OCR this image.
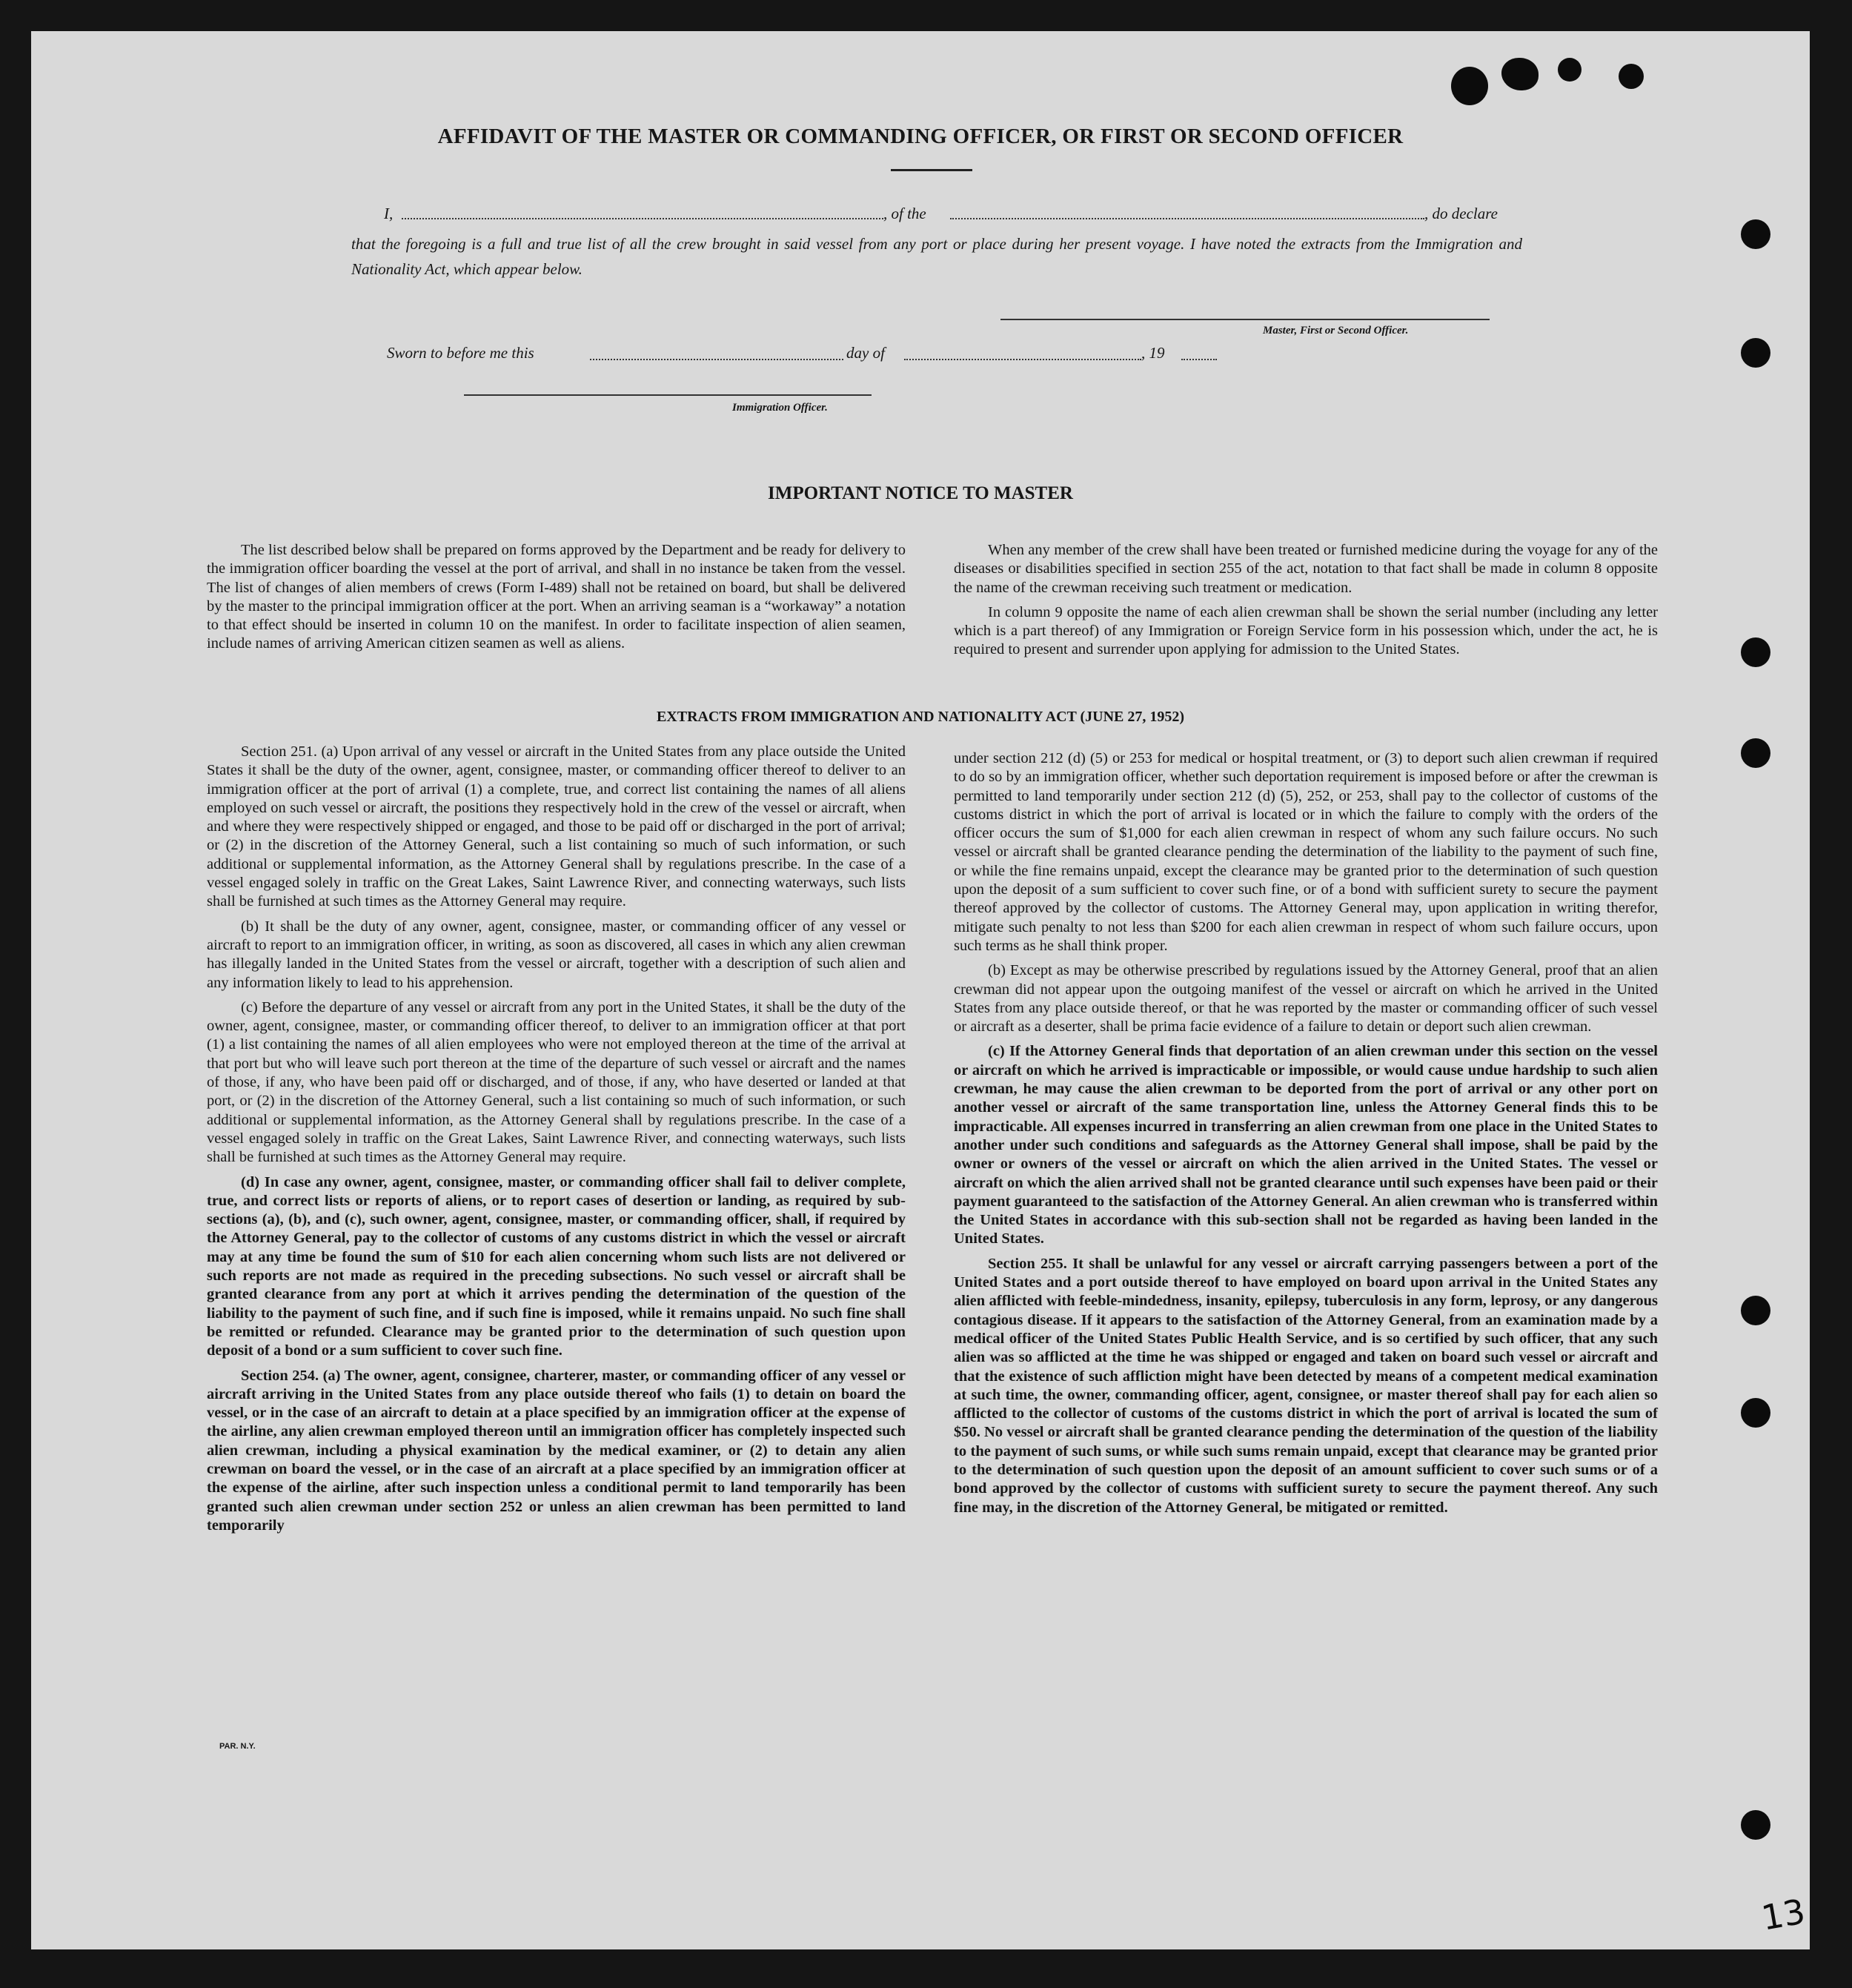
AFFIDAVIT OF THE MASTER OR COMMANDING OFFICER, OR FIRST OR SECOND OFFICER
I,	, of the	, do declare
that the foregoing is a full and true list of all the crew brought in said vessel from any port or place during her present voyage. I have noted the extracts from the Immigration and Nationality Act, which appear below.
Master, First or Second Officer.
Sworn to before me this	day of	, 19
Immigration Officer.
IMPORTANT NOTICE TO MASTER

The list described below shall be prepared on forms approved by the Department and be ready for delivery to the immigration officer boarding the vessel at the port of arrival, and shall in no instance be taken from the vessel. The list of changes of alien members of crews (Form I-489) shall not be retained on board, but shall be delivered by the master to the principal immigration officer at the port. When an arriving seaman is a “workaway” a notation to that effect should be inserted in column 10 on the manifest. In order to facilitate inspection of alien seamen, include names of arriving American citizen seamen as well as aliens.

When any member of the crew shall have been treated or furnished medicine during the voyage for any of the diseases or disabilities specified in section 255 of the act, notation to that fact shall be made in column 8 opposite the name of the crewman receiving such treatment or medication.

In column 9 opposite the name of each alien crewman shall be shown the serial number (including any letter which is a part thereof) of any Immigration or Foreign Service form in his possession which, under the act, he is required to present and surrender upon applying for admission to the United States.

EXTRACTS FROM IMMIGRATION AND NATIONALITY ACT (JUNE 27, 1952)

Section 251. (a) Upon arrival of any vessel or aircraft in the United States from any place outside the United States it shall be the duty of the owner, agent, consignee, master, or commanding officer thereof to deliver to an immigration officer at the port of arrival (1) a complete, true, and correct list containing the names of all aliens employed on such vessel or aircraft, the positions they respectively hold in the crew of the vessel or aircraft, when and where they were respectively shipped or engaged, and those to be paid off or discharged in the port of arrival; or (2) in the discretion of the Attorney General, such a list containing so much of such information, or such additional or supplemental information, as the Attorney General shall by regulations prescribe. In the case of a vessel engaged solely in traffic on the Great Lakes, Saint Lawrence River, and connecting waterways, such lists shall be furnished at such times as the Attorney General may require.

(b) It shall be the duty of any owner, agent, consignee, master, or commanding officer of any vessel or aircraft to report to an immigration officer, in writing, as soon as discovered, all cases in which any alien crewman has illegally landed in the United States from the vessel or aircraft, together with a description of such alien and any information likely to lead to his apprehension.

(c) Before the departure of any vessel or aircraft from any port in the United States, it shall be the duty of the owner, agent, consignee, master, or commanding officer thereof, to deliver to an immigration officer at that port (1) a list containing the names of all alien employees who were not employed thereon at the time of the arrival at that port but who will leave such port thereon at the time of the departure of such vessel or aircraft and the names of those, if any, who have been paid off or discharged, and of those, if any, who have deserted or landed at that port, or (2) in the discretion of the Attorney General, such a list containing so much of such information, or such additional or supplemental information, as the Attorney General shall by regulations prescribe. In the case of a vessel engaged solely in traffic on the Great Lakes, Saint Lawrence River, and connecting waterways, such lists shall be furnished at such times as the Attorney General may require.

(d) In case any owner, agent, consignee, master, or commanding officer shall fail to deliver complete, true, and correct lists or reports of aliens, or to report cases of desertion or landing, as required by sub-sections (a), (b), and (c), such owner, agent, consignee, master, or commanding officer, shall, if required by the Attorney General, pay to the collector of customs of any customs district in which the vessel or aircraft may at any time be found the sum of $10 for each alien concerning whom such lists are not delivered or such reports are not made as required in the preceding subsections. No such vessel or aircraft shall be granted clearance from any port at which it arrives pending the determination of the question of the liability to the payment of such fine, and if such fine is imposed, while it remains unpaid. No such fine shall be remitted or refunded. Clearance may be granted prior to the determination of such question upon deposit of a bond or a sum sufficient to cover such fine.

Section 254. (a) The owner, agent, consignee, charterer, master, or commanding officer of any vessel or aircraft arriving in the United States from any place outside thereof who fails (1) to detain on board the vessel, or in the case of an aircraft to detain at a place specified by an immigration officer at the expense of the airline, any alien crewman employed thereon until an immigration officer has completely inspected such alien crewman, including a physical examination by the medical examiner, or (2) to detain any alien crewman on board the vessel, or in the case of an aircraft at a place specified by an immigration officer at the expense of the airline, after such inspection unless a conditional permit to land temporarily has been granted such alien crewman under section 252 or unless an alien crewman has been permitted to land temporarily

under section 212 (d) (5) or 253 for medical or hospital treatment, or (3) to deport such alien crewman if required to do so by an immigration officer, whether such deportation requirement is imposed before or after the crewman is permitted to land temporarily under section 212 (d) (5), 252, or 253, shall pay to the collector of customs of the customs district in which the port of arrival is located or in which the failure to comply with the orders of the officer occurs the sum of $1,000 for each alien crewman in respect of whom any such failure occurs. No such vessel or aircraft shall be granted clearance pending the determination of the liability to the payment of such fine, or while the fine remains unpaid, except the clearance may be granted prior to the determination of such question upon the deposit of a sum sufficient to cover such fine, or of a bond with sufficient surety to secure the payment thereof approved by the collector of customs. The Attorney General may, upon application in writing therefor, mitigate such penalty to not less than $200 for each alien crewman in respect of whom such failure occurs, upon such terms as he shall think proper.

(b) Except as may be otherwise prescribed by regulations issued by the Attorney General, proof that an alien crewman did not appear upon the outgoing manifest of the vessel or aircraft on which he arrived in the United States from any place outside thereof, or that he was reported by the master or commanding officer of such vessel or aircraft as a deserter, shall be prima facie evidence of a failure to detain or deport such alien crewman.

(c) If the Attorney General finds that deportation of an alien crewman under this section on the vessel or aircraft on which he arrived is impracticable or impossible, or would cause undue hardship to such alien crewman, he may cause the alien crewman to be deported from the port of arrival or any other port on another vessel or aircraft of the same transportation line, unless the Attorney General finds this to be impracticable. All expenses incurred in transferring an alien crewman from one place in the United States to another under such conditions and safeguards as the Attorney General shall impose, shall be paid by the owner or owners of the vessel or aircraft on which the alien arrived in the United States. The vessel or aircraft on which the alien arrived shall not be granted clearance until such expenses have been paid or their payment guaranteed to the satisfaction of the Attorney General. An alien crewman who is transferred within the United States in accordance with this sub-section shall not be regarded as having been landed in the United States.

Section 255. It shall be unlawful for any vessel or aircraft carrying passengers between a port of the United States and a port outside thereof to have employed on board upon arrival in the United States any alien afflicted with feeble-mindedness, insanity, epilepsy, tuberculosis in any form, leprosy, or any dangerous contagious disease. If it appears to the satisfaction of the Attorney General, from an examination made by a medical officer of the United States Public Health Service, and is so certified by such officer, that any such alien was so afflicted at the time he was shipped or engaged and taken on board such vessel or aircraft and that the existence of such affliction might have been detected by means of a competent medical examination at such time, the owner, commanding officer, agent, consignee, or master thereof shall pay for each alien so afflicted to the collector of customs of the customs district in which the port of arrival is located the sum of $50. No vessel or aircraft shall be granted clearance pending the determination of the question of the liability to the payment of such sums, or while such sums remain unpaid, except that clearance may be granted prior to the determination of such question upon the deposit of an amount sufficient to cover such sums or of a bond approved by the collector of customs with sufficient surety to secure the payment thereof. Any such fine may, in the discretion of the Attorney General, be mitigated or remitted.

PAR. N.Y.
13
